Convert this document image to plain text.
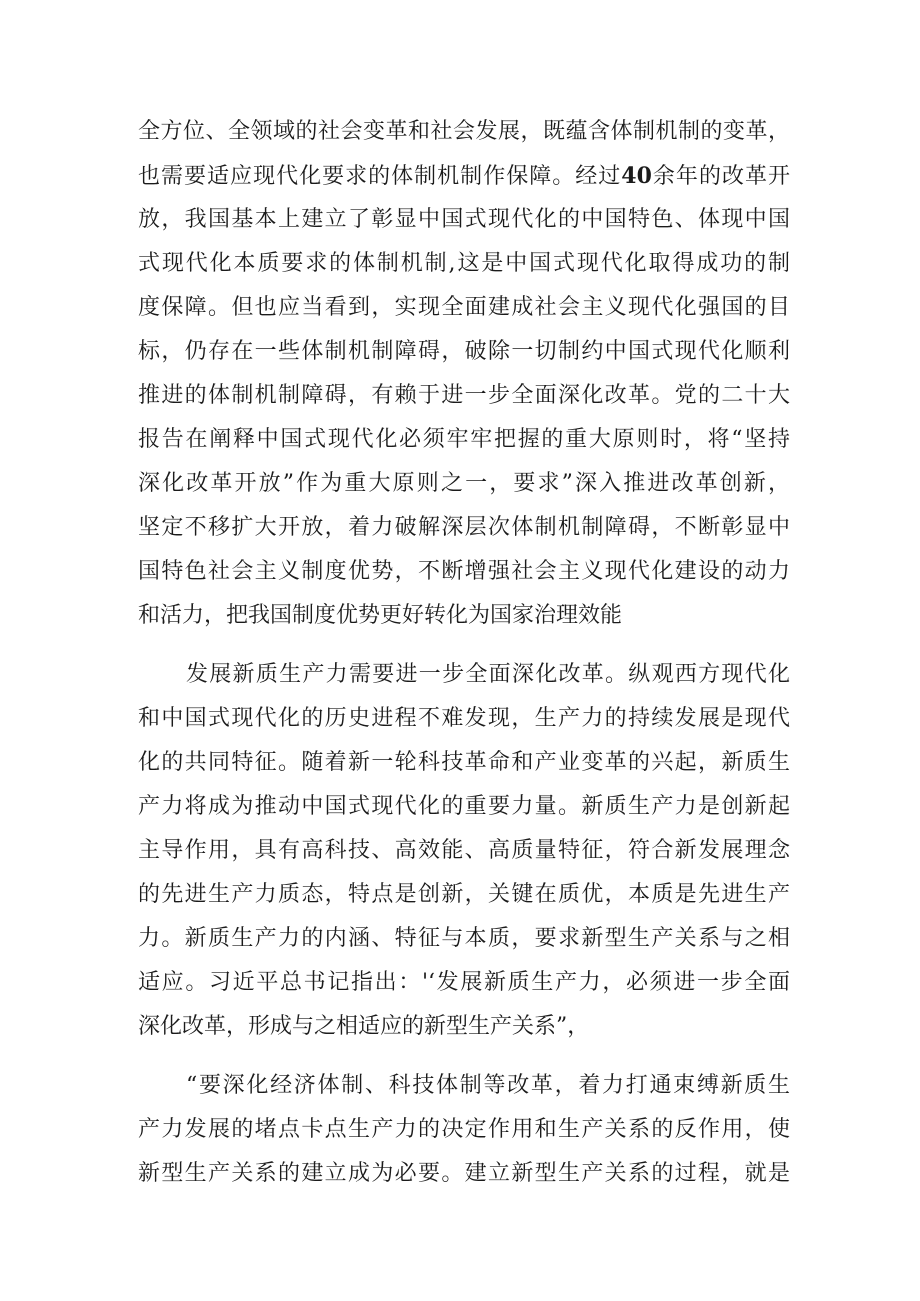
全方位、全领域的社会变革和社会发展，既蕴含体制机制的变革，
也需要适应现代化要求的体制机制作保障。经过40余年的改革开
放，我国基本上建立了彰显中国式现代化的中国特色、体现中国
式现代化本质要求的体制机制,这是中国式现代化取得成功的制
度保障。但也应当看到，实现全面建成社会主义现代化强国的目
标，仍存在一些体制机制障碍，破除一切制约中国式现代化顺利
推进的体制机制障碍，有赖于进一步全面深化改革。党的二十大
报告在阐释中国式现代化必须牢牢把握的重大原则时，将“坚持
深化改革开放”作为重大原则之一，要求”深入推进改革创新，
坚定不移扩大开放，着力破解深层次体制机制障碍，不断彰显中
国特色社会主义制度优势，不断增强社会主义现代化建设的动力
和活力，把我国制度优势更好转化为国家治理效能
发展新质生产力需要进一步全面深化改革。纵观西方现代化
和中国式现代化的历史进程不难发现，生产力的持续发展是现代
化的共同特征。随着新一轮科技革命和产业变革的兴起，新质生
产力将成为推动中国式现代化的重要力量。新质生产力是创新起
主导作用，具有高科技、高效能、高质量特征，符合新发展理念
的先进生产力质态，特点是创新，关键在质优，本质是先进生产
力。新质生产力的内涵、特征与本质，要求新型生产关系与之相
适应。习近平总书记指出：'‘发展新质生产力，必须进一步全面
深化改革，形成与之相适应的新型生产关系”，
“要深化经济体制、科技体制等改革，着力打通束缚新质生
产力发展的堵点卡点生产力的决定作用和生产关系的反作用，使
新型生产关系的建立成为必要。建立新型生产关系的过程，就是
